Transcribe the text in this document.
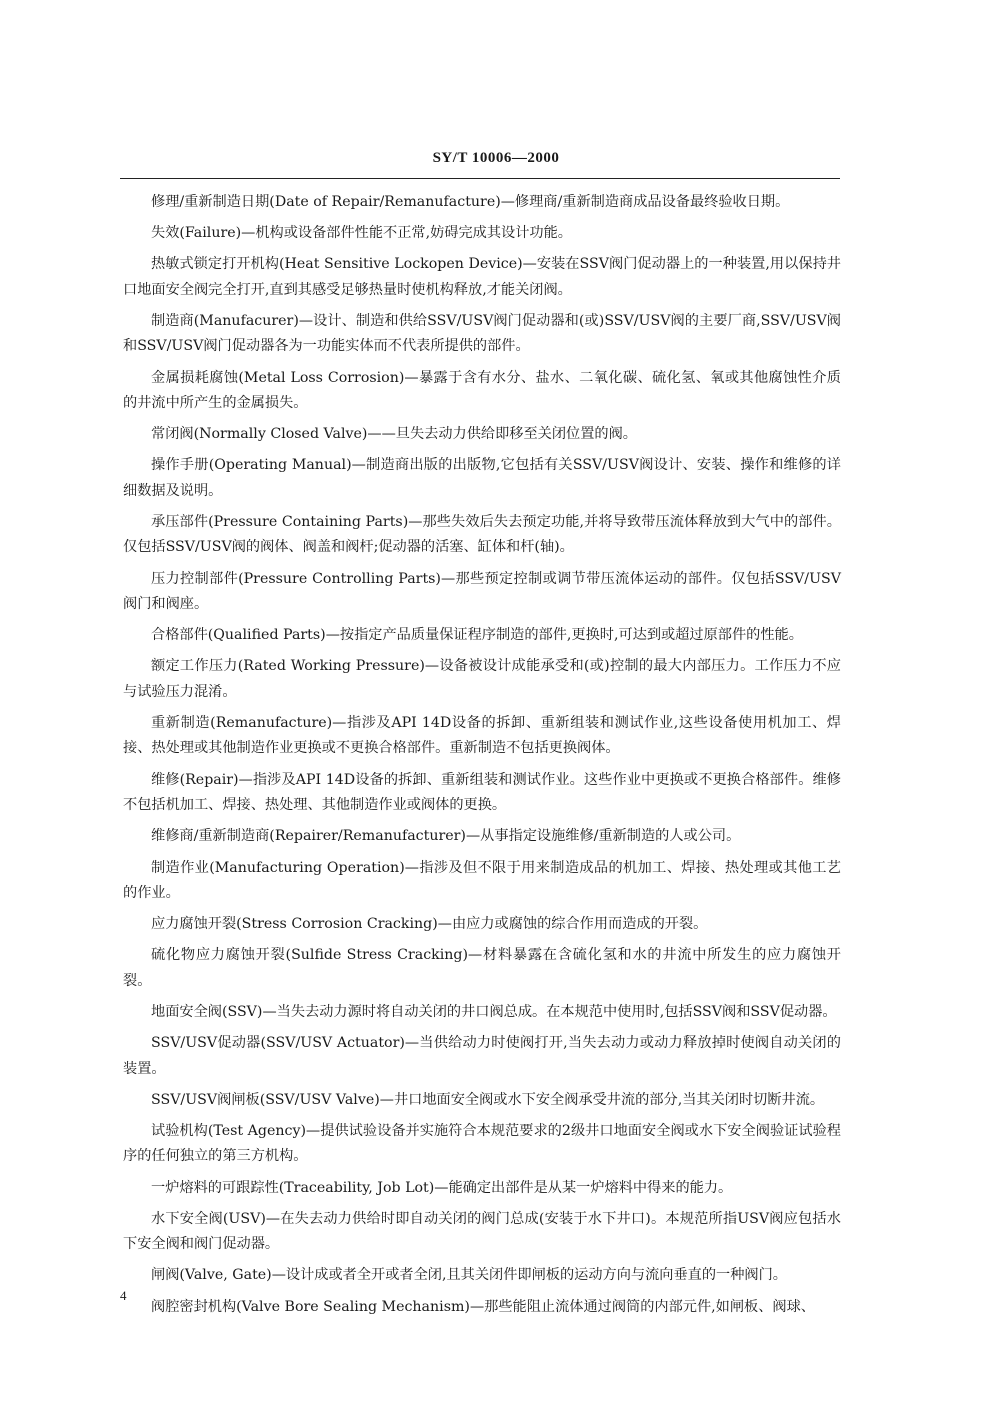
SY/T 10006—2000

修理/重新制造日期(Date of Repair/Remanufacture)—修理商/重新制造商成品设备最终验收日期。

失效(Failure)—机构或设备部件性能不正常,妨碍完成其设计功能。

热敏式锁定打开机构(Heat Sensitive Lockopen Device)—安装在SSV阀门促动器上的一种装置,用以保持井口地面安全阀完全打开,直到其感受足够热量时使机构释放,才能关闭阀。

制造商(Manufacurer)—设计、制造和供给SSV/USV阀门促动器和(或)SSV/USV阀的主要厂商,SSV/USV阀和SSV/USV阀门促动器各为一功能实体而不代表所提供的部件。

金属损耗腐蚀(Metal Loss Corrosion)—暴露于含有水分、盐水、二氧化碳、硫化氢、氧或其他腐蚀性介质的井流中所产生的金属损失。

常闭阀(Normally Closed Valve)——旦失去动力供给即移至关闭位置的阀。

操作手册(Operating Manual)—制造商出版的出版物,它包括有关SSV/USV阀设计、安装、操作和维修的详细数据及说明。

承压部件(Pressure Containing Parts)—那些失效后失去预定功能,并将导致带压流体释放到大气中的部件。仅包括SSV/USV阀的阀体、阀盖和阀杆;促动器的活塞、缸体和杆(轴)。

压力控制部件(Pressure Controlling Parts)—那些预定控制或调节带压流体运动的部件。仅包括SSV/USV阀门和阀座。

合格部件(Qualified Parts)—按指定产品质量保证程序制造的部件,更换时,可达到或超过原部件的性能。

额定工作压力(Rated Working Pressure)—设备被设计成能承受和(或)控制的最大内部压力。工作压力不应与试验压力混淆。

重新制造(Remanufacture)—指涉及API 14D设备的拆卸、重新组装和测试作业,这些设备使用机加工、焊接、热处理或其他制造作业更换或不更换合格部件。重新制造不包括更换阀体。

维修(Repair)—指涉及API 14D设备的拆卸、重新组装和测试作业。这些作业中更换或不更换合格部件。维修不包括机加工、焊接、热处理、其他制造作业或阀体的更换。

维修商/重新制造商(Repairer/Remanufacturer)—从事指定设施维修/重新制造的人或公司。

制造作业(Manufacturing Operation)—指涉及但不限于用来制造成品的机加工、焊接、热处理或其他工艺的作业。

应力腐蚀开裂(Stress Corrosion Cracking)—由应力或腐蚀的综合作用而造成的开裂。

硫化物应力腐蚀开裂(Sulfide Stress Cracking)—材料暴露在含硫化氢和水的井流中所发生的应力腐蚀开裂。

地面安全阀(SSV)—当失去动力源时将自动关闭的井口阀总成。在本规范中使用时,包括SSV阀和SSV促动器。

SSV/USV促动器(SSV/USV Actuator)—当供给动力时使阀打开,当失去动力或动力释放掉时使阀自动关闭的装置。

SSV/USV阀闸板(SSV/USV Valve)—井口地面安全阀或水下安全阀承受井流的部分,当其关闭时切断井流。

试验机构(Test Agency)—提供试验设备并实施符合本规范要求的2级井口地面安全阀或水下安全阀验证试验程序的任何独立的第三方机构。

一炉熔料的可跟踪性(Traceability, Job Lot)—能确定出部件是从某一炉熔料中得来的能力。

水下安全阀(USV)—在失去动力供给时即自动关闭的阀门总成(安装于水下井口)。本规范所指USV阀应包括水下安全阀和阀门促动器。

闸阀(Valve, Gate)—设计成或者全开或者全闭,且其关闭件即闸板的运动方向与流向垂直的一种阀门。

阀腔密封机构(Valve Bore Sealing Mechanism)—那些能阻止流体通过阀筒的内部元件,如闸板、阀球、

4
